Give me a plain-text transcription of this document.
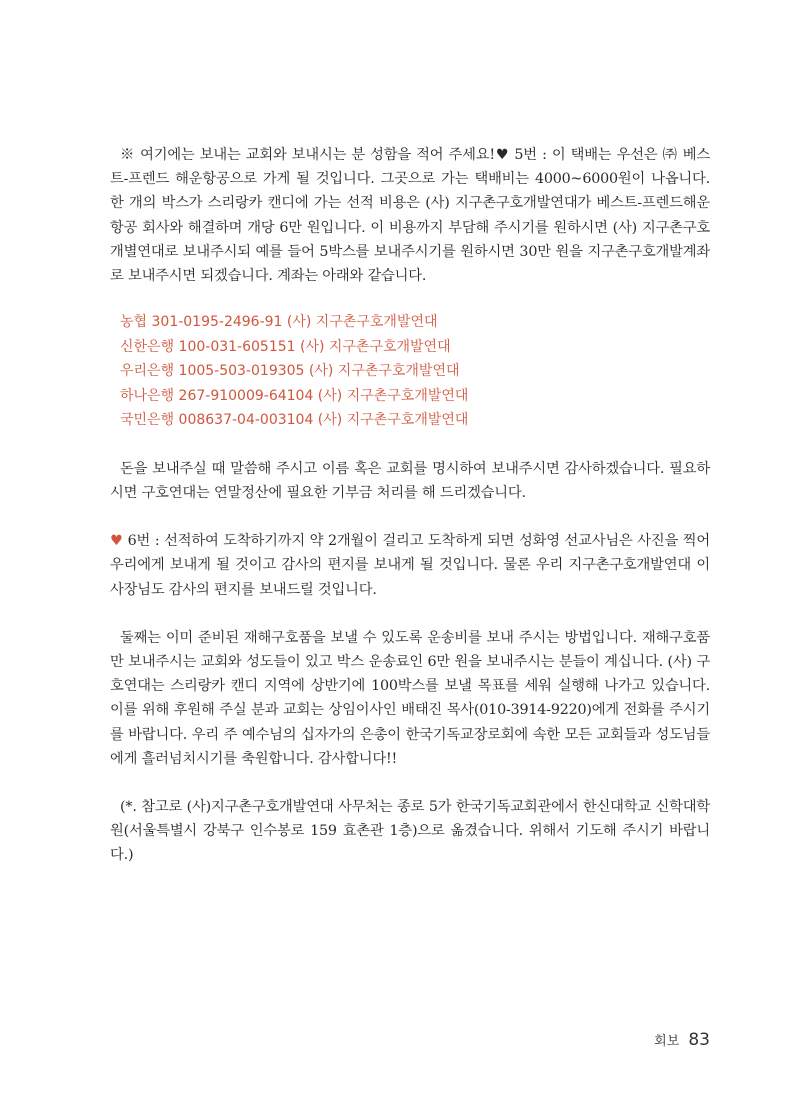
※ 여기에는 보내는 교회와 보내시는 분 성함을 적어 주세요!♥ 5번 : 이 택배는 우선은 ㈜ 베스트-프렌드 해운항공으로 가게 될 것입니다. 그곳으로 가는 택배비는 4000~6000원이 나옵니다. 한 개의 박스가 스리랑카 캔디에 가는 선적 비용은 (사) 지구촌구호개발연대가 베스트-프렌드해운항공 회사와 해결하며 개당 6만 원입니다. 이 비용까지 부담해 주시기를 원하시면 (사) 지구촌구호개별연대로 보내주시되 예를 들어 5박스를 보내주시기를 원하시면 30만 원을 지구촌구호개발계좌로 보내주시면 되겠습니다. 계좌는 아래와 같습니다.

농협 301-0195-2496-91 (사) 지구촌구호개발연대
신한은행 100-031-605151 (사) 지구촌구호개발연대
우리은행 1005-503-019305 (사) 지구촌구호개발연대
하나은행 267-910009-64104 (사) 지구촌구호개발연대
국민은행 008637-04-003104 (사) 지구촌구호개발연대

돈을 보내주실 때 말씀해 주시고 이름 혹은 교회를 명시하여 보내주시면 감사하겠습니다. 필요하시면 구호연대는 연말정산에 필요한 기부금 처리를 해 드리겠습니다.

♥ 6번 : 선적하여 도착하기까지 약 2개월이 걸리고 도착하게 되면 성화영 선교사님은 사진을 찍어 우리에게 보내게 될 것이고 감사의 편지를 보내게 될 것입니다. 물론 우리 지구촌구호개발연대 이사장님도 감사의 편지를 보내드릴 것입니다.

둘째는 이미 준비된 재해구호품을 보낼 수 있도록 운송비를 보내 주시는 방법입니다. 재해구호품만 보내주시는 교회와 성도들이 있고 박스 운송료인 6만 원을 보내주시는 분들이 계십니다. (사) 구호연대는 스리랑카 캔디 지역에 상반기에 100박스를 보낼 목표를 세워 실행해 나가고 있습니다. 이를 위해 후원해 주실 분과 교회는 상임이사인 배태진 목사(010-3914-9220)에게 전화를 주시기를 바랍니다. 우리 주 예수님의 십자가의 은총이 한국기독교장로회에 속한 모든 교회들과 성도님들에게 흘러넘치시기를 축원합니다. 감사합니다!!

(*. 참고로 (사)지구촌구호개발연대 사무처는 종로 5가 한국기독교회관에서 한신대학교 신학대학원(서울특별시 강북구 인수봉로 159 효촌관 1층)으로 옮겼습니다. 위해서 기도해 주시기 바랍니다.)

회보 83
